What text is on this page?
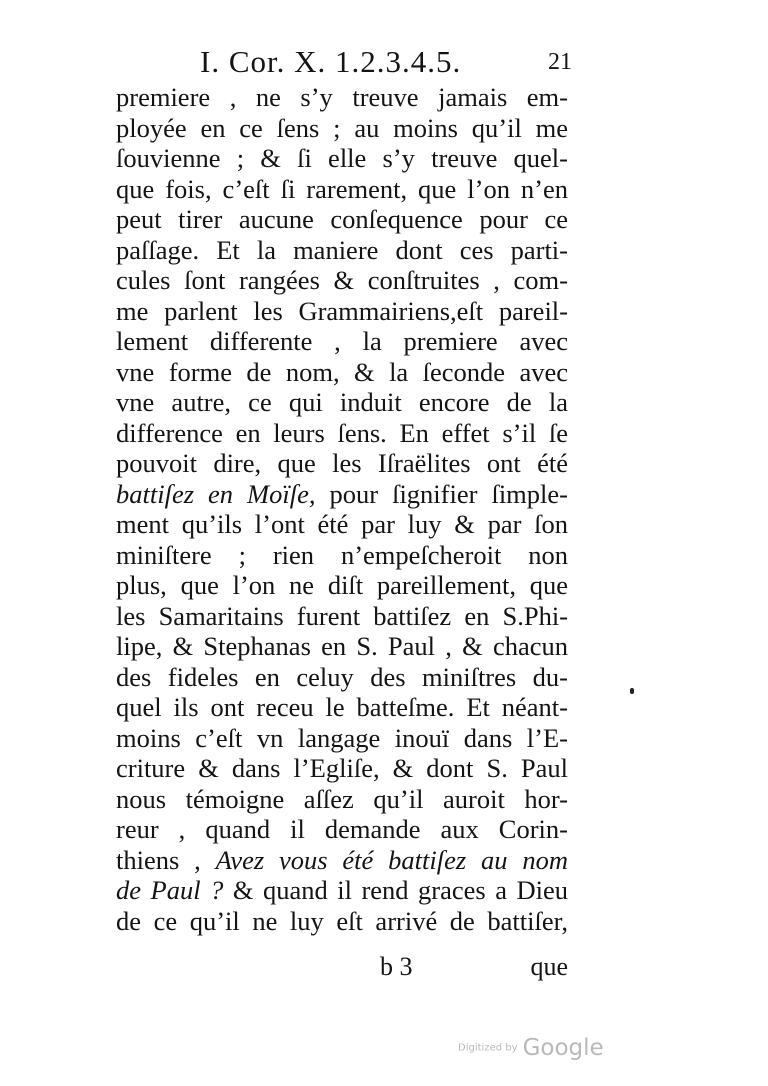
I. Cor. X. 1.2.3.4.5.	21
premiere , ne s’y treuve jamais em-
ployée en ce ſens ; au moins qu’il me
ſouvienne ; & ſi elle s’y treuve quel-
que fois, c’eſt ſi rarement, que l’on n’en
peut tirer aucune conſequence pour ce
paſſage. Et la maniere dont ces parti-
cules ſont rangées & conſtruites , com-
me parlent les Grammairiens,eſt pareil-
lement differente , la premiere avec
vne forme de nom, & la ſeconde avec
vne autre, ce qui induit encore de la
difference en leurs ſens. En effet s’il ſe
pouvoit dire, que les Iſraëlites ont été
battiſez en Moïſe, pour ſignifier ſimple-
ment qu’ils l’ont été par luy & par ſon
miniſtere ; rien n’empeſcheroit non
plus, que l’on ne diſt pareillement, que
les Samaritains furent battiſez en S.Phi-
lipe, & Stephanas en S. Paul , & chacun
des fideles en celuy des miniſtres du-
quel ils ont receu le batteſme. Et néant-
moins c’eſt vn langage inouï dans l’E-
criture & dans l’Egliſe, & dont S. Paul
nous témoigne aſſez qu’il auroit hor-
reur , quand il demande aux Corin-
thiens , Avez vous été battiſez au nom
de Paul ? & quand il rend graces a Dieu
de ce qu’il ne luy eſt arrivé de battiſer,
b 3	que
Digitized by Google
